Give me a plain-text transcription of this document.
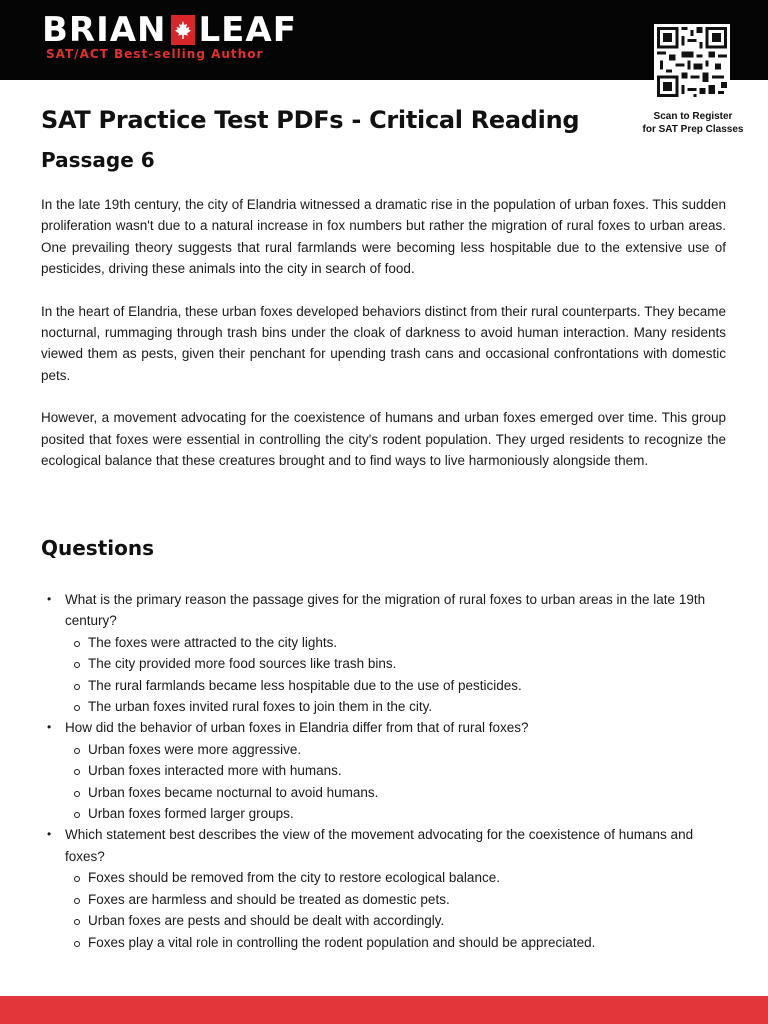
BRIAN LEAF
SAT/ACT Best-selling Author
Scan to Register
for SAT Prep Classes
SAT Practice Test PDFs - Critical Reading
Passage 6

In the late 19th century, the city of Elandria witnessed a dramatic rise in the population of urban foxes. This sudden proliferation wasn't due to a natural increase in fox numbers but rather the migration of rural foxes to urban areas. One prevailing theory suggests that rural farmlands were becoming less hospitable due to the extensive use of pesticides, driving these animals into the city in search of food.

In the heart of Elandria, these urban foxes developed behaviors distinct from their rural counterparts. They became nocturnal, rummaging through trash bins under the cloak of darkness to avoid human interaction. Many residents viewed them as pests, given their penchant for upending trash cans and occasional confrontations with domestic pets.

However, a movement advocating for the coexistence of humans and urban foxes emerged over time. This group posited that foxes were essential in controlling the city's rodent population. They urged residents to recognize the ecological balance that these creatures brought and to find ways to live harmoniously alongside them.

Questions
• What is the primary reason the passage gives for the migration of rural foxes to urban areas in the late 19th century?
The foxes were attracted to the city lights.
The city provided more food sources like trash bins.
The rural farmlands became less hospitable due to the use of pesticides.
The urban foxes invited rural foxes to join them in the city.
• How did the behavior of urban foxes in Elandria differ from that of rural foxes?
Urban foxes were more aggressive.
Urban foxes interacted more with humans.
Urban foxes became nocturnal to avoid humans.
Urban foxes formed larger groups.
• Which statement best describes the view of the movement advocating for the coexistence of humans and foxes?
Foxes should be removed from the city to restore ecological balance.
Foxes are harmless and should be treated as domestic pets.
Urban foxes are pests and should be dealt with accordingly.
Foxes play a vital role in controlling the rodent population and should be appreciated.
